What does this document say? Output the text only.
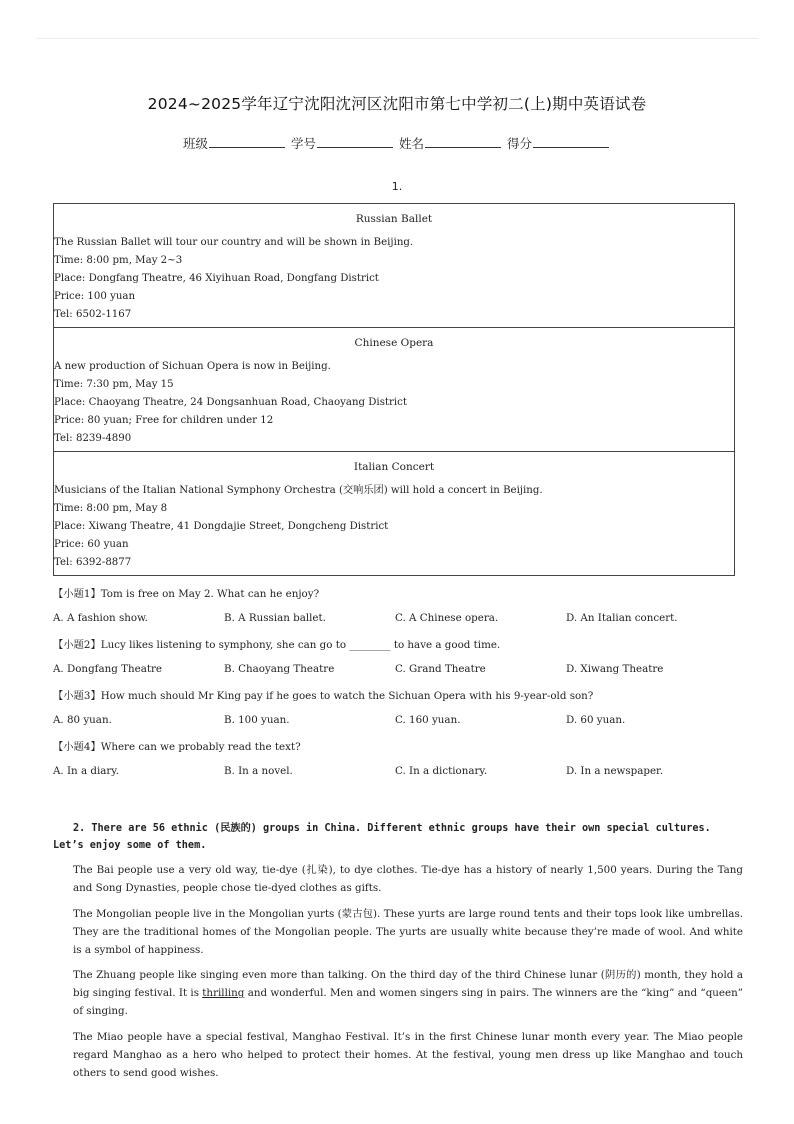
2024~2025学年辽宁沈阳沈河区沈阳市第七中学初二(上)期中英语试卷
班级	学号	姓名	得分
1.
Russian Ballet
The Russian Ballet will tour our country and will be shown in Beijing.
Time: 8:00 pm, May 2~3
Place: Dongfang Theatre, 46 Xiyihuan Road, Dongfang District
Price: 100 yuan
Tel: 6502-1167

Chinese Opera
A new production of Sichuan Opera is now in Beijing.
Time: 7:30 pm, May 15
Place: Chaoyang Theatre, 24 Dongsanhuan Road, Chaoyang District
Price: 80 yuan; Free for children under 12
Tel: 8239-4890

Italian Concert
Musicians of the Italian National Symphony Orchestra (交响乐团) will hold a concert in Beijing.
Time: 8:00 pm, May 8
Place: Xiwang Theatre, 41 Dongdajie Street, Dongcheng District
Price: 60 yuan
Tel: 6392-8877
【小题1】Tom is free on May 2. What can he enjoy?
A. A fashion show.	B. A Russian ballet.	C. A Chinese opera.	D. An Italian concert.
【小题2】Lucy likes listening to symphony, she can go to ________ to have a good time.
A. Dongfang Theatre	B. Chaoyang Theatre	C. Grand Theatre	D. Xiwang Theatre
【小题3】How much should Mr King pay if he goes to watch the Sichuan Opera with his 9-year-old son?
A. 80 yuan.	B. 100 yuan.	C. 160 yuan.	D. 60 yuan.
【小题4】Where can we probably read the text?
A. In a diary.	B. In a novel.	C. In a dictionary.	D. In a newspaper.
2. There are 56 ethnic (民族的) groups in China. Different ethnic groups have their own special cultures.
Let’s enjoy some of them.
The Bai people use a very old way, tie-dye (扎染), to dye clothes. Tie-dye has a history of nearly 1,500 years. During the Tang and Song Dynasties, people chose tie-dyed clothes as gifts.
The Mongolian people live in the Mongolian yurts (蒙古包). These yurts are large round tents and their tops look like umbrellas. They are the traditional homes of the Mongolian people. The yurts are usually white because they’re made of wool. And white is a symbol of happiness.
The Zhuang people like singing even more than talking. On the third day of the third Chinese lunar (阴历的) month, they hold a big singing festival. It is thrilling and wonderful. Men and women singers sing in pairs. The winners are the “king” and “queen” of singing.
The Miao people have a special festival, Manghao Festival. It’s in the first Chinese lunar month every year. The Miao people regard Manghao as a hero who helped to protect their homes. At the festival, young men dress up like Manghao and touch others to send good wishes.
